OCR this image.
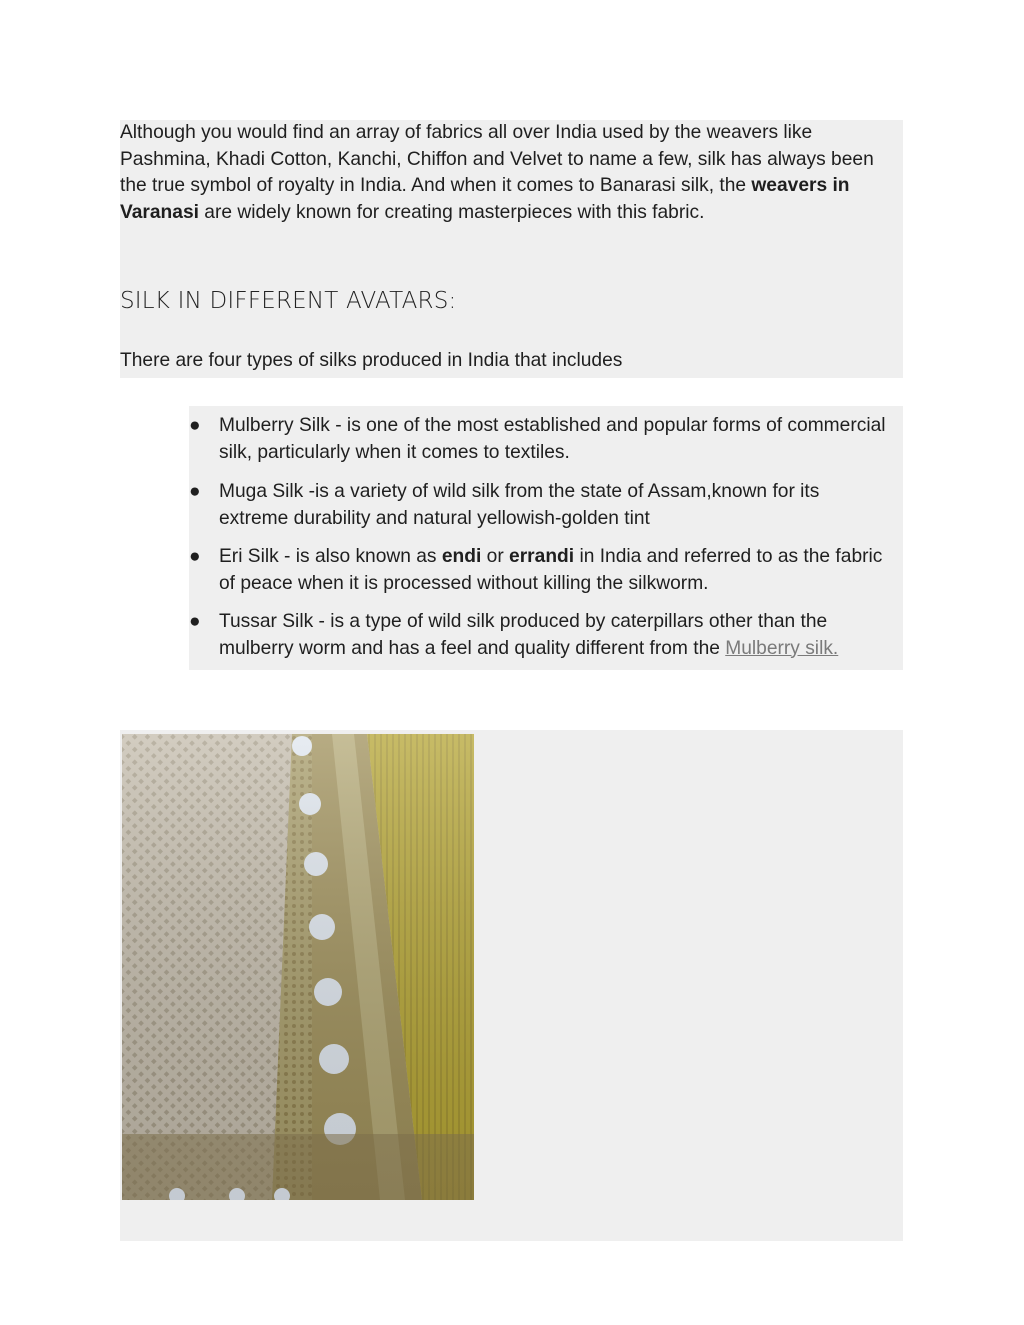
Although you would find an array of fabrics all over India used by the weavers like Pashmina, Khadi Cotton, Kanchi, Chiffon and Velvet to name a few, silk has always been the true symbol of royalty in India. And when it comes to Banarasi silk, the weavers in Varanasi are widely known for creating masterpieces with this fabric.

SILK IN DIFFERENT AVATARS:

There are four types of silks produced in India that includes

● Mulberry Silk - is one of the most established and popular forms of commercial silk, particularly when it comes to textiles.
● Muga Silk -is a variety of wild silk from the state of Assam,known for its extreme durability and natural yellowish-golden tint
● Eri Silk - is also known as endi or errandi in India and referred to as the fabric of peace when it is processed without killing the silkworm.
● Tussar Silk - is a type of wild silk produced by caterpillars other than the mulberry worm and has a feel and quality different from the Mulberry silk.
